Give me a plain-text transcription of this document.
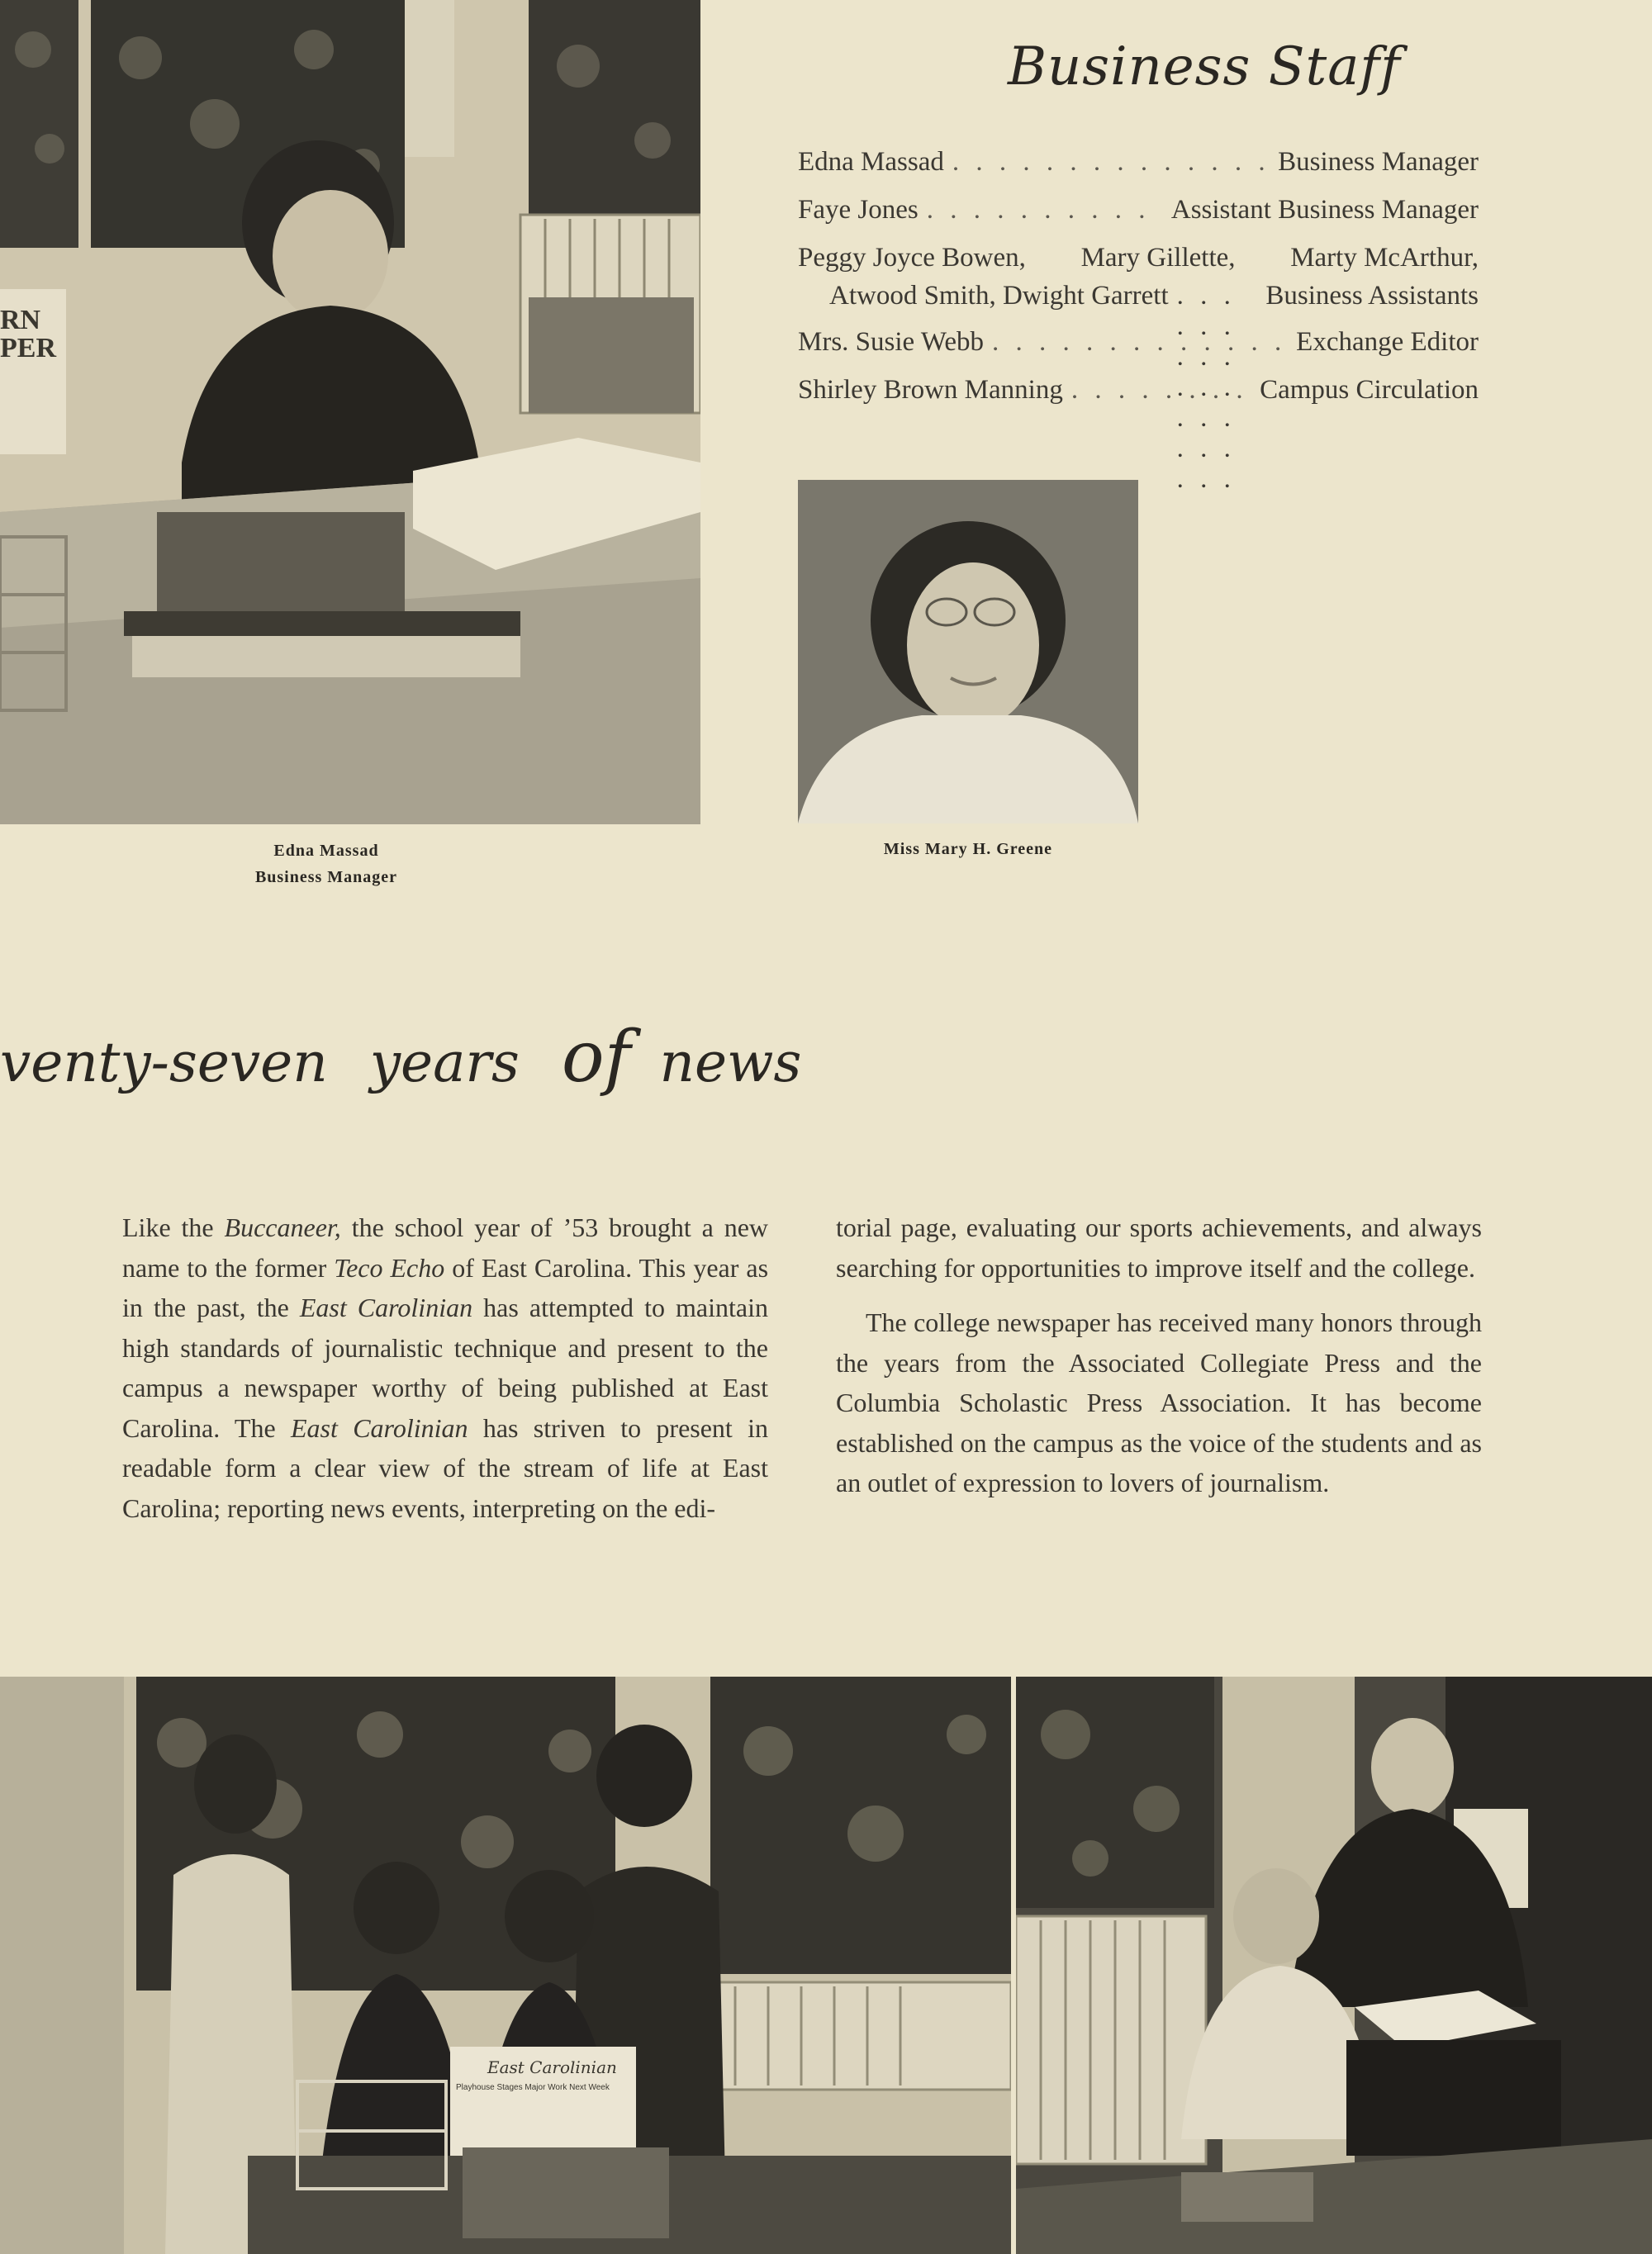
RN
PER
Business Staff
Edna Massad . . .	Business Manager
Faye Jones . . .	Assistant Business Manager
Peggy Joyce Bowen, Mary Gillette, Marty McArthur,
Atwood Smith, Dwight Garrett . . .	Business Assistants
Mrs. Susie Webb . . .	Exchange Editor
Shirley Brown Manning . . .	Campus Circulation
Edna Massad
Business Manager
Miss Mary H. Greene
venty-seven years of news

Like the Buccaneer, the school year of ’53 brought a new name to the former Teco Echo of East Carolina. This year as in the past, the East Carolinian has attempted to maintain high standards of journalistic technique and present to the campus a newspaper worthy of being published at East Carolina. The East Carolinian has striven to present in readable form a clear view of the stream of life at East Carolina; reporting news events, interpreting on the edi-

torial page, evaluating our sports achievements, and always searching for opportunities to improve itself and the college.

The college newspaper has received many honors through the years from the Associated Collegiate Press and the Columbia Scholastic Press Association. It has become established on the campus as the voice of the students and as an outlet of expression to lovers of journalism.

East Carolinian
Playhouse Stages Major Work Next Week
